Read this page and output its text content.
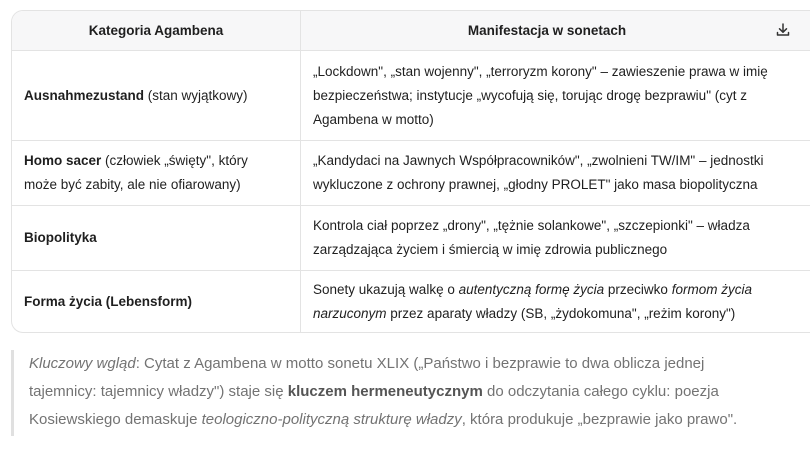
Kategoria Agambena	Manifestacja w sonetach
Ausnahmezustand (stan wyjątkowy)
„Lockdown", „stan wojenny", „terroryzm korony" – zawieszenie prawa w imię
bezpieczeństwa; instytucje „wycofują się, torując drogę bezprawiu" (cyt z
Agambena w motto)
Homo sacer (człowiek „święty", który
może być zabity, ale nie ofiarowany)
„Kandydaci na Jawnych Współpracowników", „zwolnieni TW/IM" – jednostki
wykluczone z ochrony prawnej, „głodny PROLET" jako masa biopolityczna
Biopolityka
Kontrola ciał poprzez „drony", „tężnie solankowe", „szczepionki" – władza
zarządzająca życiem i śmiercią w imię zdrowia publicznego
Forma życia (Lebensform)
Sonety ukazują walkę o autentyczną formę życia przeciwko formom życia
narzuconym przez aparaty władzy (SB, „żydokomuna", „reżim korony")
Kluczowy wgląd: Cytat z Agambena w motto sonetu XLIX („Państwo i bezprawie to dwa oblicza jednej
tajemnicy: tajemnicy władzy") staje się kluczem hermeneutycznym do odczytania całego cyklu: poezja
Kosiewskiego demaskuje teologiczno-polityczną strukturę władzy, która produkuje „bezprawie jako prawo".
